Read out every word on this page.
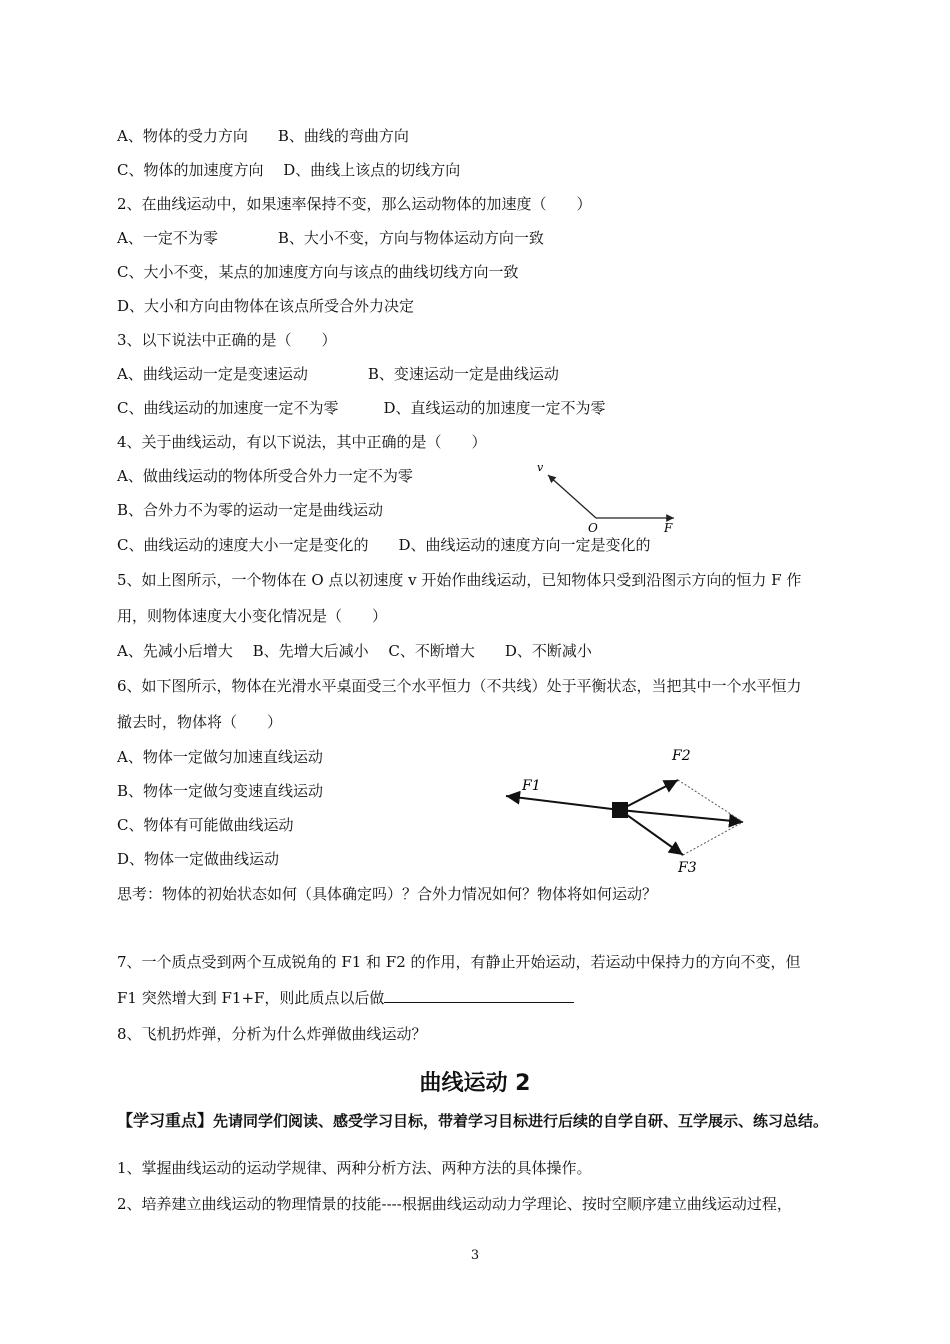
A、物体的受力方向　　B、曲线的弯曲方向
C、物体的加速度方向　 D、曲线上该点的切线方向
2、在曲线运动中，如果速率保持不变，那么运动物体的加速度（　　）
A、一定不为零　　　　B、大小不变，方向与物体运动方向一致
C、大小不变，某点的加速度方向与该点的曲线切线方向一致
D、大小和方向由物体在该点所受合外力决定
3、以下说法中正确的是（　　）
A、曲线运动一定是变速运动　　　　B、变速运动一定是曲线运动
C、曲线运动的加速度一定不为零　　　D、直线运动的加速度一定不为零
4、关于曲线运动，有以下说法，其中正确的是（　　）
A、做曲线运动的物体所受合外力一定不为零
B、合外力不为零的运动一定是曲线运动
C、曲线运动的速度大小一定是变化的　　D、曲线运动的速度方向一定是变化的
v
O	F
5、如上图所示，一个物体在 O 点以初速度 v 开始作曲线运动，已知物体只受到沿图示方向的恒力 F 作
用，则物体速度大小变化情况是（　　）
A、先减小后增大　 B、先增大后减小　 C、不断增大　　D、不断减小
6、如下图所示，物体在光滑水平桌面受三个水平恒力（不共线）处于平衡状态，当把其中一个水平恒力
撤去时，物体将（　　）
A、物体一定做匀加速直线运动
B、物体一定做匀变速直线运动
C、物体有可能做曲线运动
D、物体一定做曲线运动
F1
F2
F3
思考：物体的初始状态如何（具体确定吗）？合外力情况如何？物体将如何运动？
7、一个质点受到两个互成锐角的 F1 和 F2 的作用，有静止开始运动，若运动中保持力的方向不变，但
F1 突然增大到 F1+F，则此质点以后做
8、飞机扔炸弹，分析为什么炸弹做曲线运动？
曲线运动 2
【学习重点】先请同学们阅读、感受学习目标，带着学习目标进行后续的自学自研、互学展示、练习总结。
1、掌握曲线运动的运动学规律、两种分析方法、两种方法的具体操作。
2、培养建立曲线运动的物理情景的技能----根据曲线运动动力学理论、按时空顺序建立曲线运动过程，
3
